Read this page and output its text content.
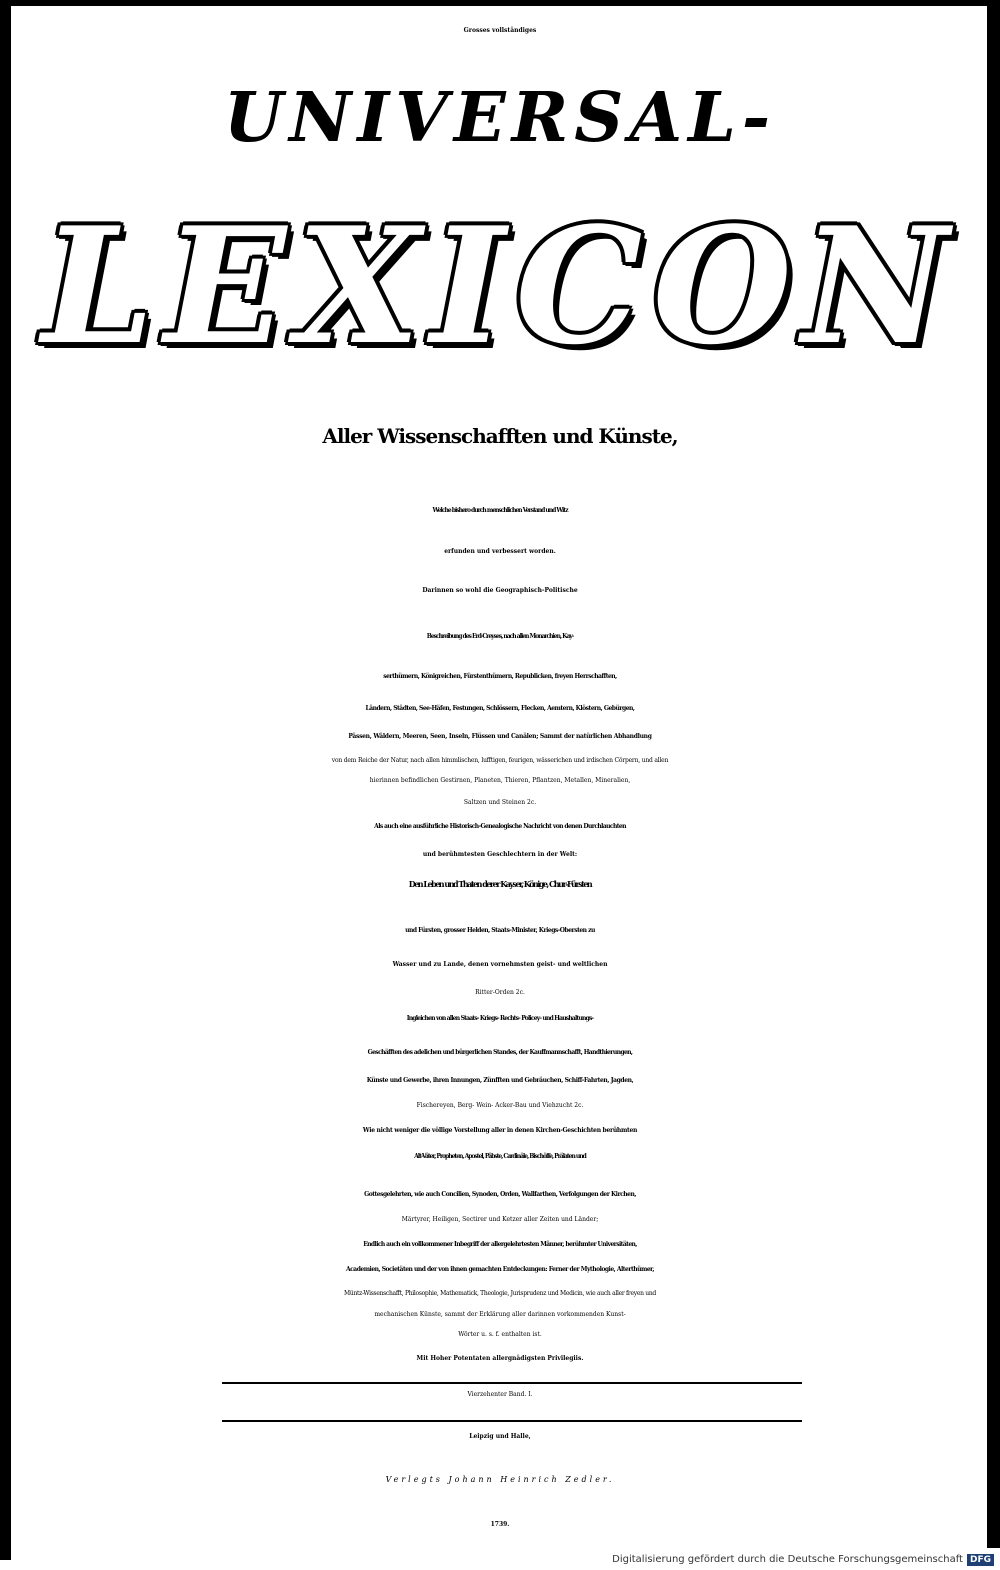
Grosses vollständiges
UNIVERSAL-
LEXICON
Aller Wissenschafften und Künste,
Welche bishero durch menschlichen Verstand und Witz
erfunden und verbessert worden.
Darinnen so wohl die Geographisch-Politische
Beschreibung des Erd-Creyses, nach allen Monarchien, Kay-
serthümern, Königreichen, Fürstenthümern, Republicken, freyen Herrschafften,
Ländern, Städten, See-Häfen, Festungen, Schlössern, Flecken, Aemtern, Klöstern, Gebürgen,
Pässen, Wäldern, Meeren, Seen, Inseln, Flüssen und Canälen; Sammt der natürlichen Abhandlung
von dem Reiche der Natur, nach allen himmlischen, lufftigen, feurigen, wässerichen und irdischen Cörpern, und allen
hierinnen befindlichen Gestirnen, Planeten, Thieren, Pflantzen, Metallen, Mineralien,
Saltzen und Steinen 2c.
Als auch eine ausführliche Historisch-Genealogische Nachricht von denen Durchlauchten
und berühmtesten Geschlechtern in der Welt:
Den Leben und Thaten derer Kayser, Könige, Chur-Fürsten
und Fürsten, grosser Helden, Staats-Minister, Kriegs-Obersten zu
Wasser und zu Lande, denen vornehmsten geist- und weltlichen
Ritter-Orden 2c.
Ingleichen von allen Staats- Kriegs- Rechts- Policey- und Haushaltungs-
Geschäfften des adelichen und bürgerlichen Standes, der Kauffmannschafft, Handthierungen,
Künste und Gewerbe, ihren Innungen, Zünfften und Gebräuchen, Schiff-Fahrten, Jagden,
Fischereyen, Berg- Wein- Acker-Bau und Viehzucht 2c.
Wie nicht weniger die völlige Vorstellung aller in denen Kirchen-Geschichten berühmten
Alt-Väter, Propheten, Apostel, Päbste, Cardinäle, Bischöffe, Prälaten und
Gottesgelehrten, wie auch Concilien, Synoden, Orden, Wallfarthen, Verfolgungen der Kirchen,
Märtyrer, Heiligen, Sectirer und Ketzer aller Zeiten und Länder;
Endlich auch ein vollkommener Inbegriff der allergelehrtesten Männer, berühmter Universitäten,
Academien, Societäten und der von ihnen gemachten Entdeckungen: Ferner der Mythologie, Alterthümer,
Müntz-Wissenschafft, Philosophie, Mathematick, Theologie, Jurisprudenz und Medicin, wie auch aller freyen und
mechanischen Künste, sammt der Erklärung aller darinnen vorkommenden Kunst-
Wörter u. s. f. enthalten ist.
Mit Hoher Potentaten allergnädigsten Privilegiis.
Vierzehenter Band. I.
Leipzig und Halle,
Verlegts Johann Heinrich Zedler.
1739.
Digitalisierung gefördert durch die Deutsche Forschungsgemeinschaft DFG
